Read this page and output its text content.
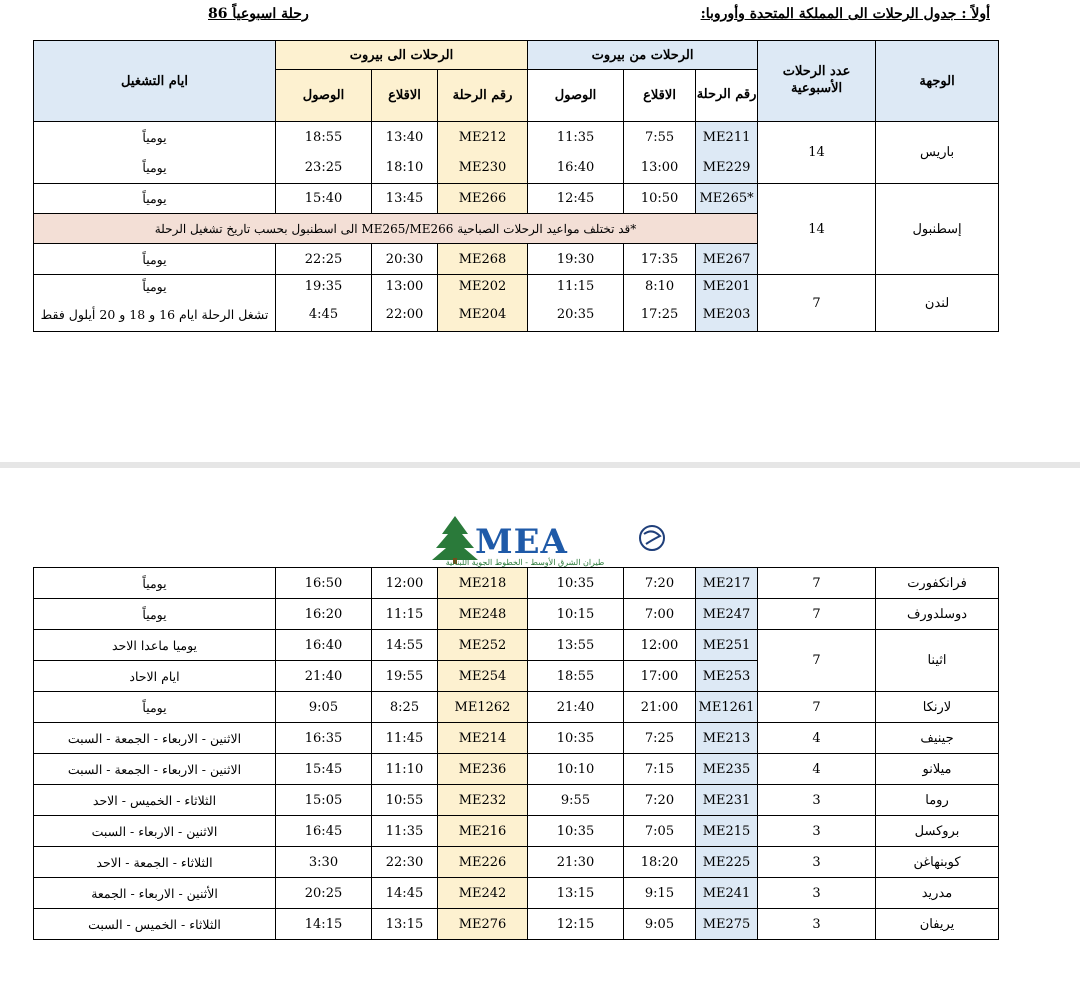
أولاً : جدول الرحلات الى المملكة المتحدة وأوروبا:
رحلة اسبوعياً 86
الوجهة	عدد الرحلات الأسبوعية	الرحلات من بيروت			الرحلات الى بيروت			ايام التشغيل
		رقم الرحلة	الاقلاع	الوصول	رقم الرحلة	الاقلاع	الوصول	
باريس	14	ME211	7:55	11:35	ME212	13:40	18:55	يومياً
		ME229	13:00	16:40	ME230	18:10	23:25	يومياً
إسطنبول	14	*ME265	10:50	12:45	ME266	13:45	15:40	يومياً
		*قد تختلف مواعيد الرحلات الصباحية ME265/ME266 الى اسطنبول بحسب تاريخ تشغيل الرحلة						
		ME267	17:35	19:30	ME268	20:30	22:25	يومياً
لندن	7	ME201	8:10	11:15	ME202	13:00	19:35	يومياً
		ME203	17:25	20:35	ME204	22:00	4:45	تشغل الرحلة ايام 16 و 18 و 20 أيلول فقط
MEA
طيران الشرق الأوسط - الخطوط الجوية اللبنانية
فرانكفورت	7	ME217	7:20	10:35	ME218	12:00	16:50	يومياً
دوسلدورف	7	ME247	7:00	10:15	ME248	11:15	16:20	يومياً
اثينا	7	ME251	12:00	13:55	ME252	14:55	16:40	يوميا ماعدا الاحد
		ME253	17:00	18:55	ME254	19:55	21:40	ايام الاحاد
لارنكا	7	ME1261	21:00	21:40	ME1262	8:25	9:05	يومياً
جينيف	4	ME213	7:25	10:35	ME214	11:45	16:35	الاثنين - الاربعاء - الجمعة - السبت
ميلانو	4	ME235	7:15	10:10	ME236	11:10	15:45	الاثنين - الاربعاء - الجمعة - السبت
روما	3	ME231	7:20	9:55	ME232	10:55	15:05	الثلاثاء - الخميس - الاحد
بروكسل	3	ME215	7:05	10:35	ME216	11:35	16:45	الاثنين - الاربعاء - السبت
كوبنهاغن	3	ME225	18:20	21:30	ME226	22:30	3:30	الثلاثاء - الجمعة - الاحد
مدريد	3	ME241	9:15	13:15	ME242	14:45	20:25	الأثنين - الاربعاء - الجمعة
يريفان	3	ME275	9:05	12:15	ME276	13:15	14:15	الثلاثاء - الخميس - السبت
